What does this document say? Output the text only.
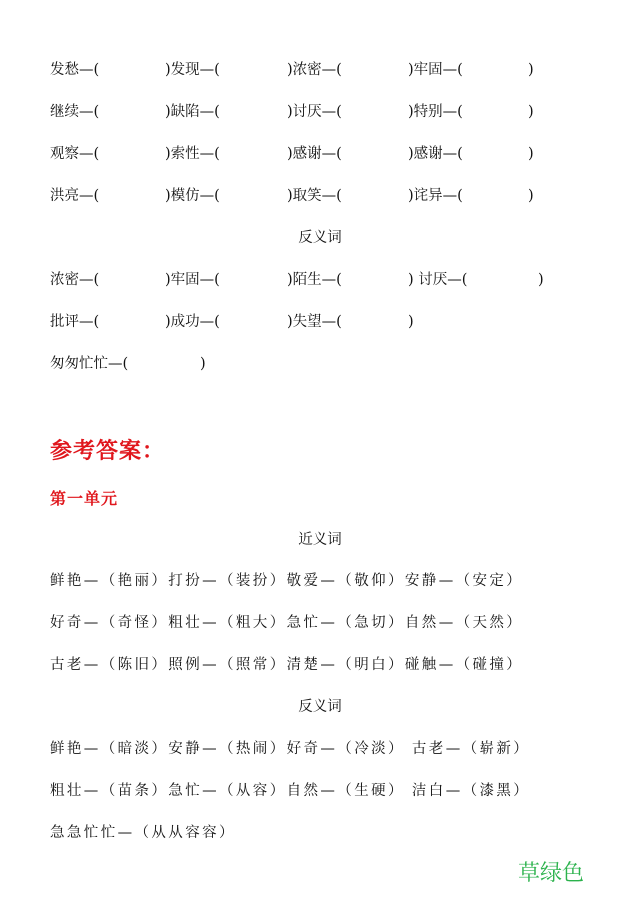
发愁—(	)发现—(	)浓密—(	)牢固—(	)
继续—(	)缺陷—(	)讨厌—(	)特别—(	)
观察—(	)索性—(	)感谢—(	)感谢—(	)
洪亮—(	)模仿—(	)取笑—(	)诧异—(	)
反义词
浓密—(	)牢固—(	)陌生—(	) 讨厌—(	)
批评—(	)成功—(	)失望—(	)
匆匆忙忙—(	)
参考答案：
第一单元
近义词
鲜艳—（艳丽）打扮—（装扮）敬爱—（敬仰）安静—（安定）
好奇—（奇怪）粗壮—（粗大）急忙—（急切）自然—（天然）
古老—（陈旧）照例—（照常）清楚—（明白）碰触—（碰撞）
反义词
鲜艳—（暗淡）安静—（热闹）好奇—（冷淡） 古老—（崭新）
粗壮—（苗条）急忙—（从容）自然—（生硬） 洁白—（漆黑）
急急忙忙—（从从容容）
草绿色
